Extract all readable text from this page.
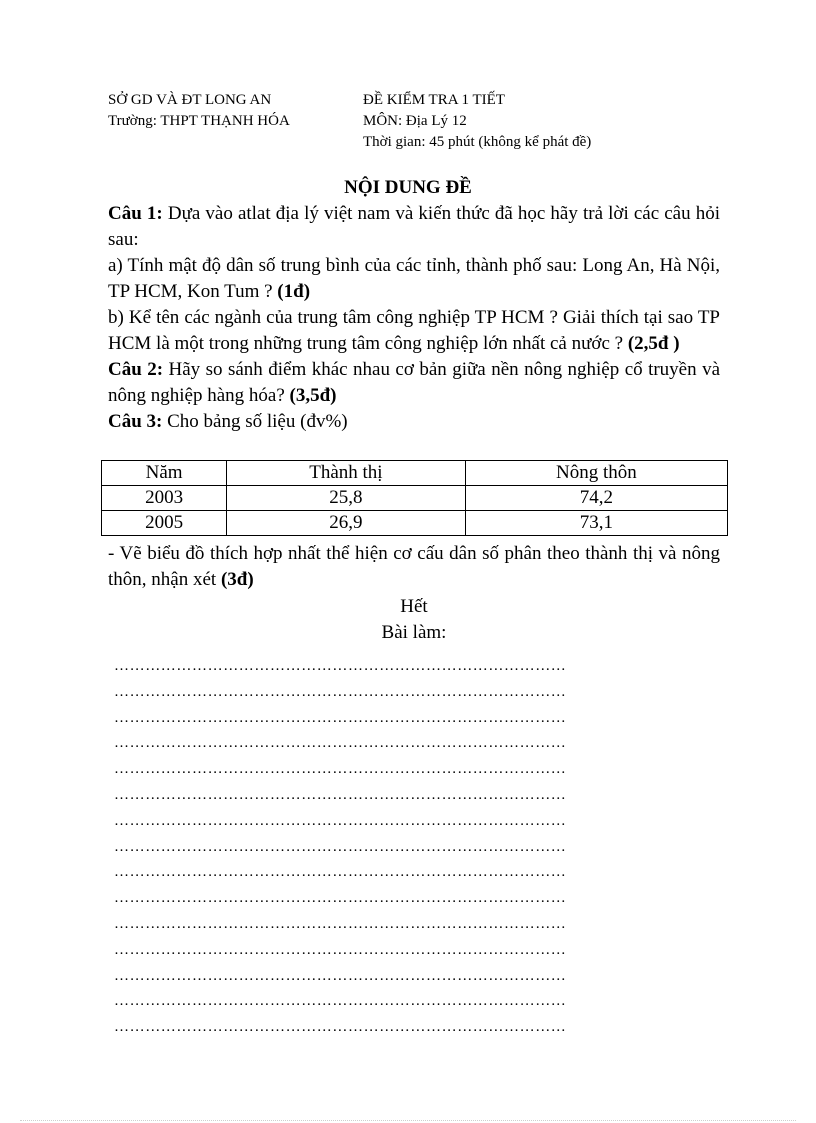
SỞ GD VÀ ĐT LONG AN
Trường: THPT THẠNH HÓA
ĐỀ KIỂM TRA 1 TIẾT
MÔN: Địa Lý 12
Thời gian: 45 phút (không kể phát đề)
NỘI DUNG ĐỀ

Câu 1: Dựa vào atlat địa lý việt nam và kiến thức đã học hãy trả lời các câu hỏi sau:

a) Tính mật độ dân số trung bình của các tỉnh, thành phố sau: Long An, Hà Nội, TP HCM, Kon Tum ? (1đ)

b) Kể tên các ngành của trung tâm công nghiệp TP HCM ? Giải thích tại sao TP HCM là một trong những trung tâm công nghiệp lớn nhất cả nước ? (2,5đ )

Câu 2: Hãy so sánh điểm khác nhau cơ bản giữa nền nông nghiệp cổ truyền và nông nghiệp hàng hóa? (3,5đ)

Câu 3: Cho bảng số liệu (đv%)

Năm	Thành thị	Nông thôn
2003	25,8	74,2
2005	26,9	73,1

- Vẽ biểu đồ thích hợp nhất thể hiện cơ cấu dân số phân theo thành thị và nông thôn, nhận xét (3đ)

Hết
Bài làm:
……………………………………………………………………………
……………………………………………………………………………
……………………………………………………………………………
……………………………………………………………………………
……………………………………………………………………………
……………………………………………………………………………
……………………………………………………………………………
……………………………………………………………………………
……………………………………………………………………………
……………………………………………………………………………
……………………………………………………………………………
……………………………………………………………………………
……………………………………………………………………………
……………………………………………………………………………
……………………………………………………………………………
